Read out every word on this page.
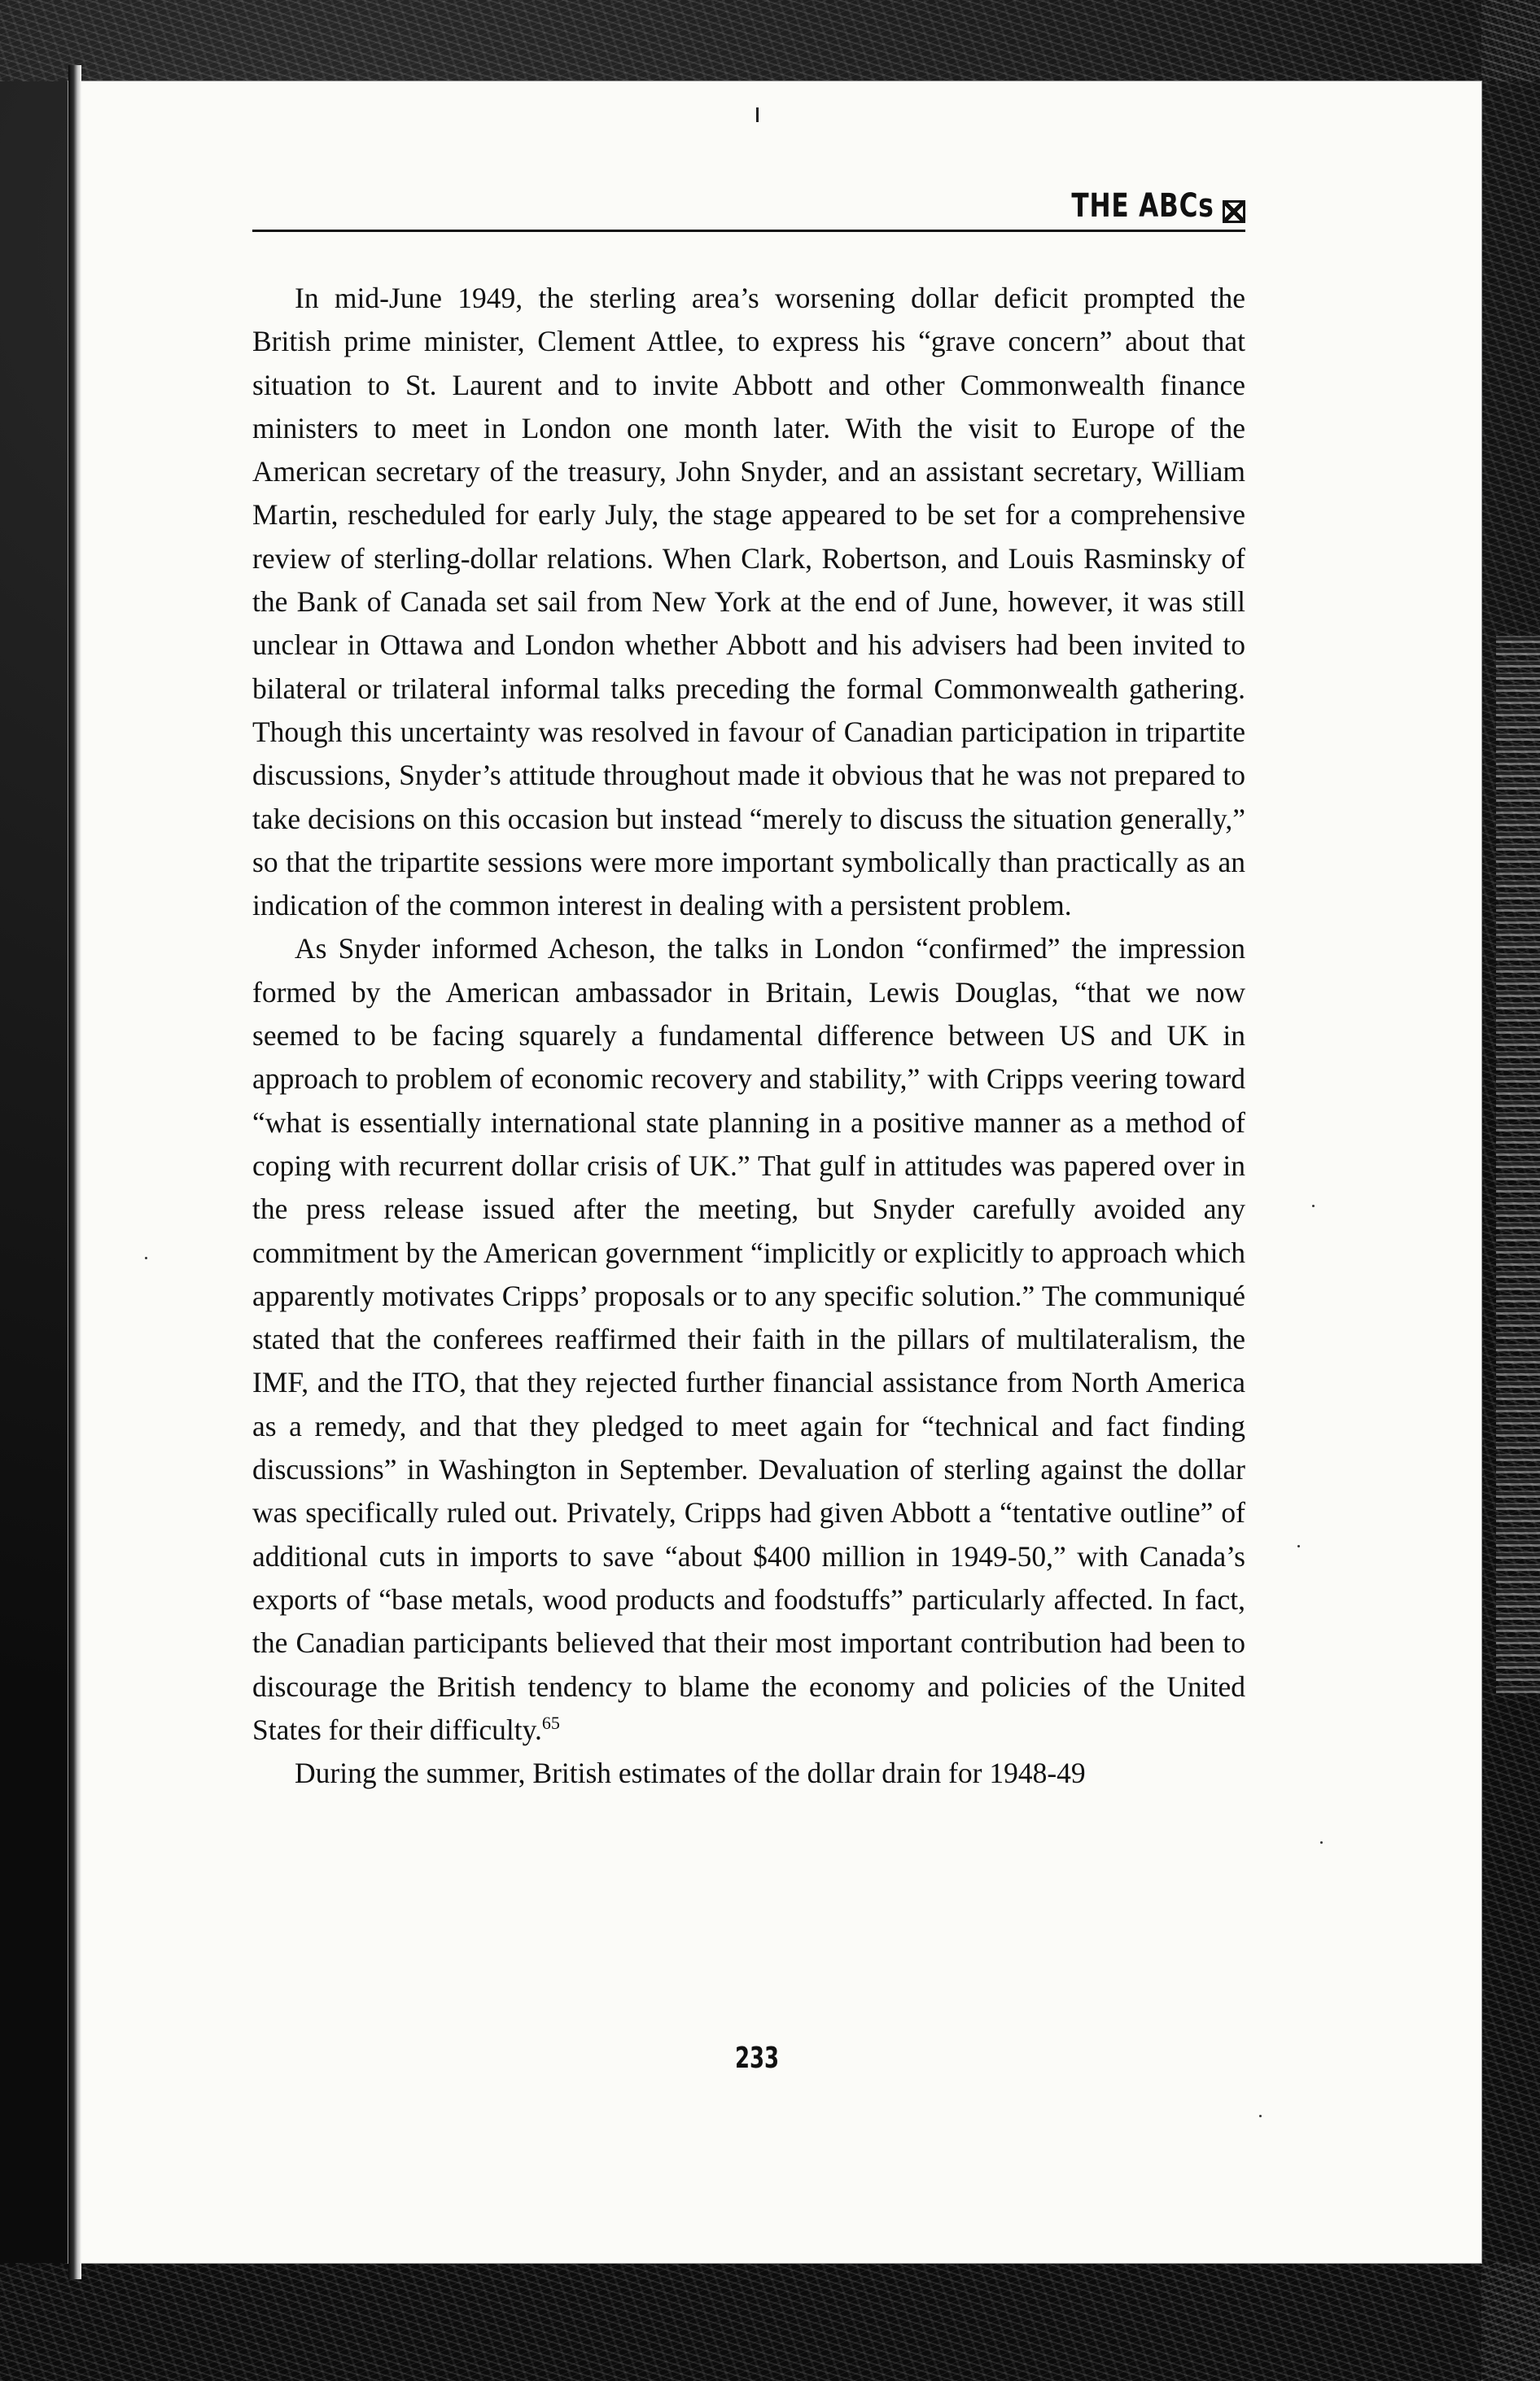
THE ABCs

In mid-June 1949, the sterling area’s worsening dollar deficit prompted the British prime minister, Clement Attlee, to express his “grave concern” about that situation to St. Laurent and to invite Abbott and other Commonwealth finance ministers to meet in London one month later. With the visit to Europe of the American secretary of the treasury, John Snyder, and an assistant secretary, William Martin, rescheduled for early July, the stage appeared to be set for a comprehensive review of sterling-dollar relations. When Clark, Robertson, and Louis Rasminsky of the Bank of Canada set sail from New York at the end of June, however, it was still unclear in Ottawa and London whether Abbott and his advisers had been invited to bilateral or trilateral informal talks preceding the formal Commonwealth gathering. Though this uncertainty was resolved in favour of Canadian participation in tripartite discussions, Snyder’s attitude throughout made it obvious that he was not prepared to take decisions on this occasion but instead “merely to discuss the situation generally,” so that the tripartite sessions were more important symbolically than practically as an indication of the common interest in dealing with a persistent problem.

As Snyder informed Acheson, the talks in London “confirmed” the impression formed by the American ambassador in Britain, Lewis Douglas, “that we now seemed to be facing squarely a fundamental difference between US and UK in approach to problem of economic recovery and stability,” with Cripps veering toward “what is essentially international state planning in a positive manner as a method of coping with recurrent dollar crisis of UK.” That gulf in attitudes was papered over in the press release issued after the meeting, but Snyder carefully avoided any commitment by the American government “implicitly or explicitly to approach which apparently motivates Cripps’ proposals or to any specific solution.” The communiqué stated that the conferees reaffirmed their faith in the pillars of multilateralism, the IMF, and the ITO, that they rejected further financial assistance from North America as a remedy, and that they pledged to meet again for “technical and fact finding discussions” in Washington in September. Devaluation of sterling against the dollar was specifically ruled out. Privately, Cripps had given Abbott a “tentative outline” of additional cuts in imports to save “about $400 million in 1949-50,” with Canada’s exports of “base metals, wood products and foodstuffs” particularly affected. In fact, the Canadian participants believed that their most important contribution had been to discourage the British tendency to blame the economy and policies of the United States for their difficulty.$^{65}$

During the summer, British estimates of the dollar drain for 1948-49

233
